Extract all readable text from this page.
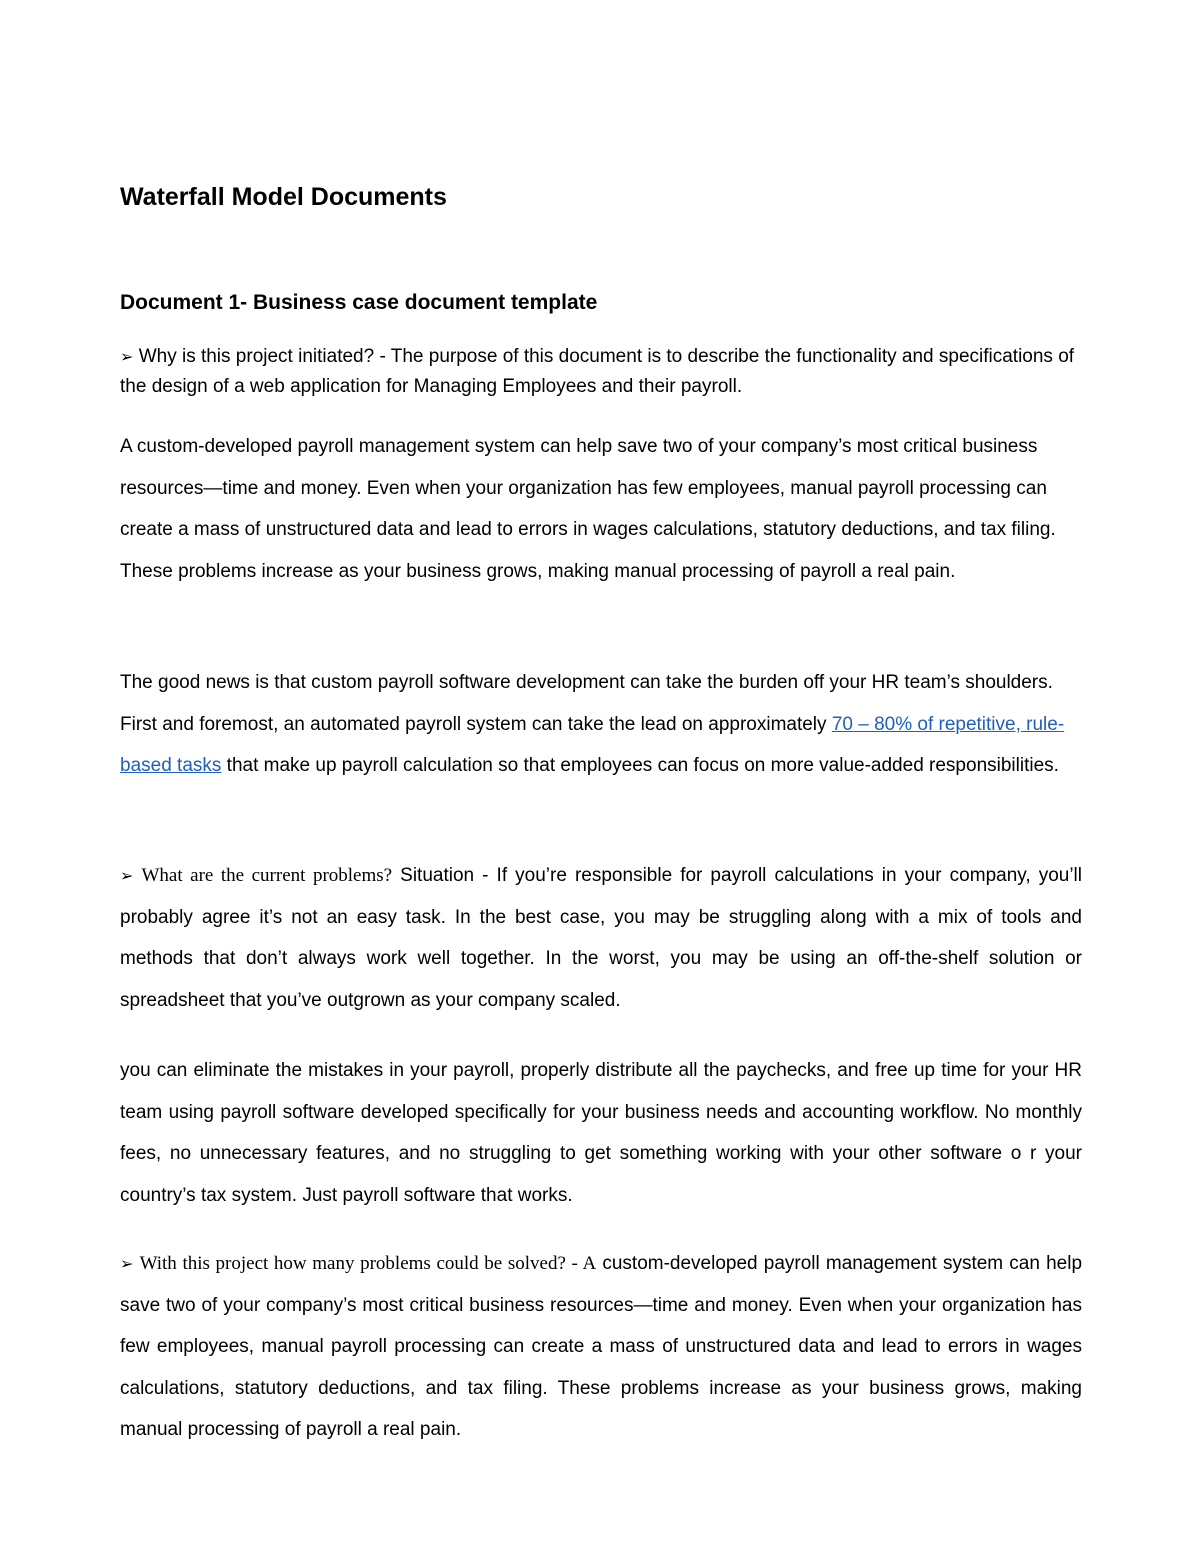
Waterfall Model Documents
Document 1- Business case document template

➢ Why is this project initiated? - The purpose of this document is to describe the functionality and specifications of the design of a web application for Managing Employees and their payroll.

A custom-developed payroll management system can help save two of your company’s most critical business resources—time and money. Even when your organization has few employees, manual payroll processing can create a mass of unstructured data and lead to errors in wages calculations, statutory deductions, and tax filing. These problems increase as your business grows, making manual processing of payroll a real pain.

The good news is that custom payroll software development can take the burden off your HR team’s shoulders. First and foremost, an automated payroll system can take the lead on approximately 70 – 80% of repetitive, rule-based tasks that make up payroll calculation so that employees can focus on more value-added responsibilities.

➢ What are the current problems? Situation - If you’re responsible for payroll calculations in your company, you’ll probably agree it’s not an easy task. In the best case, you may be struggling along with a mix of tools and methods that don’t always work well together. In the worst, you may be using an off-the-shelf solution or spreadsheet that you’ve outgrown as your company scaled.

you can eliminate the mistakes in your payroll, properly distribute all the paychecks, and free up time for your HR team using payroll software developed specifically for your business needs and accounting workflow. No monthly fees, no unnecessary features, and no struggling to get something working with your other software o r your country’s tax system. Just payroll software that works.

➢ With this project how many problems could be solved? - A custom-developed payroll management system can help save two of your company’s most critical business resources—time and money. Even when your organization has few employees, manual payroll processing can create a mass of unstructured data and lead to errors in wages calculations, statutory deductions, and tax filing. These problems increase as your business grows, making manual processing of payroll a real pain.
